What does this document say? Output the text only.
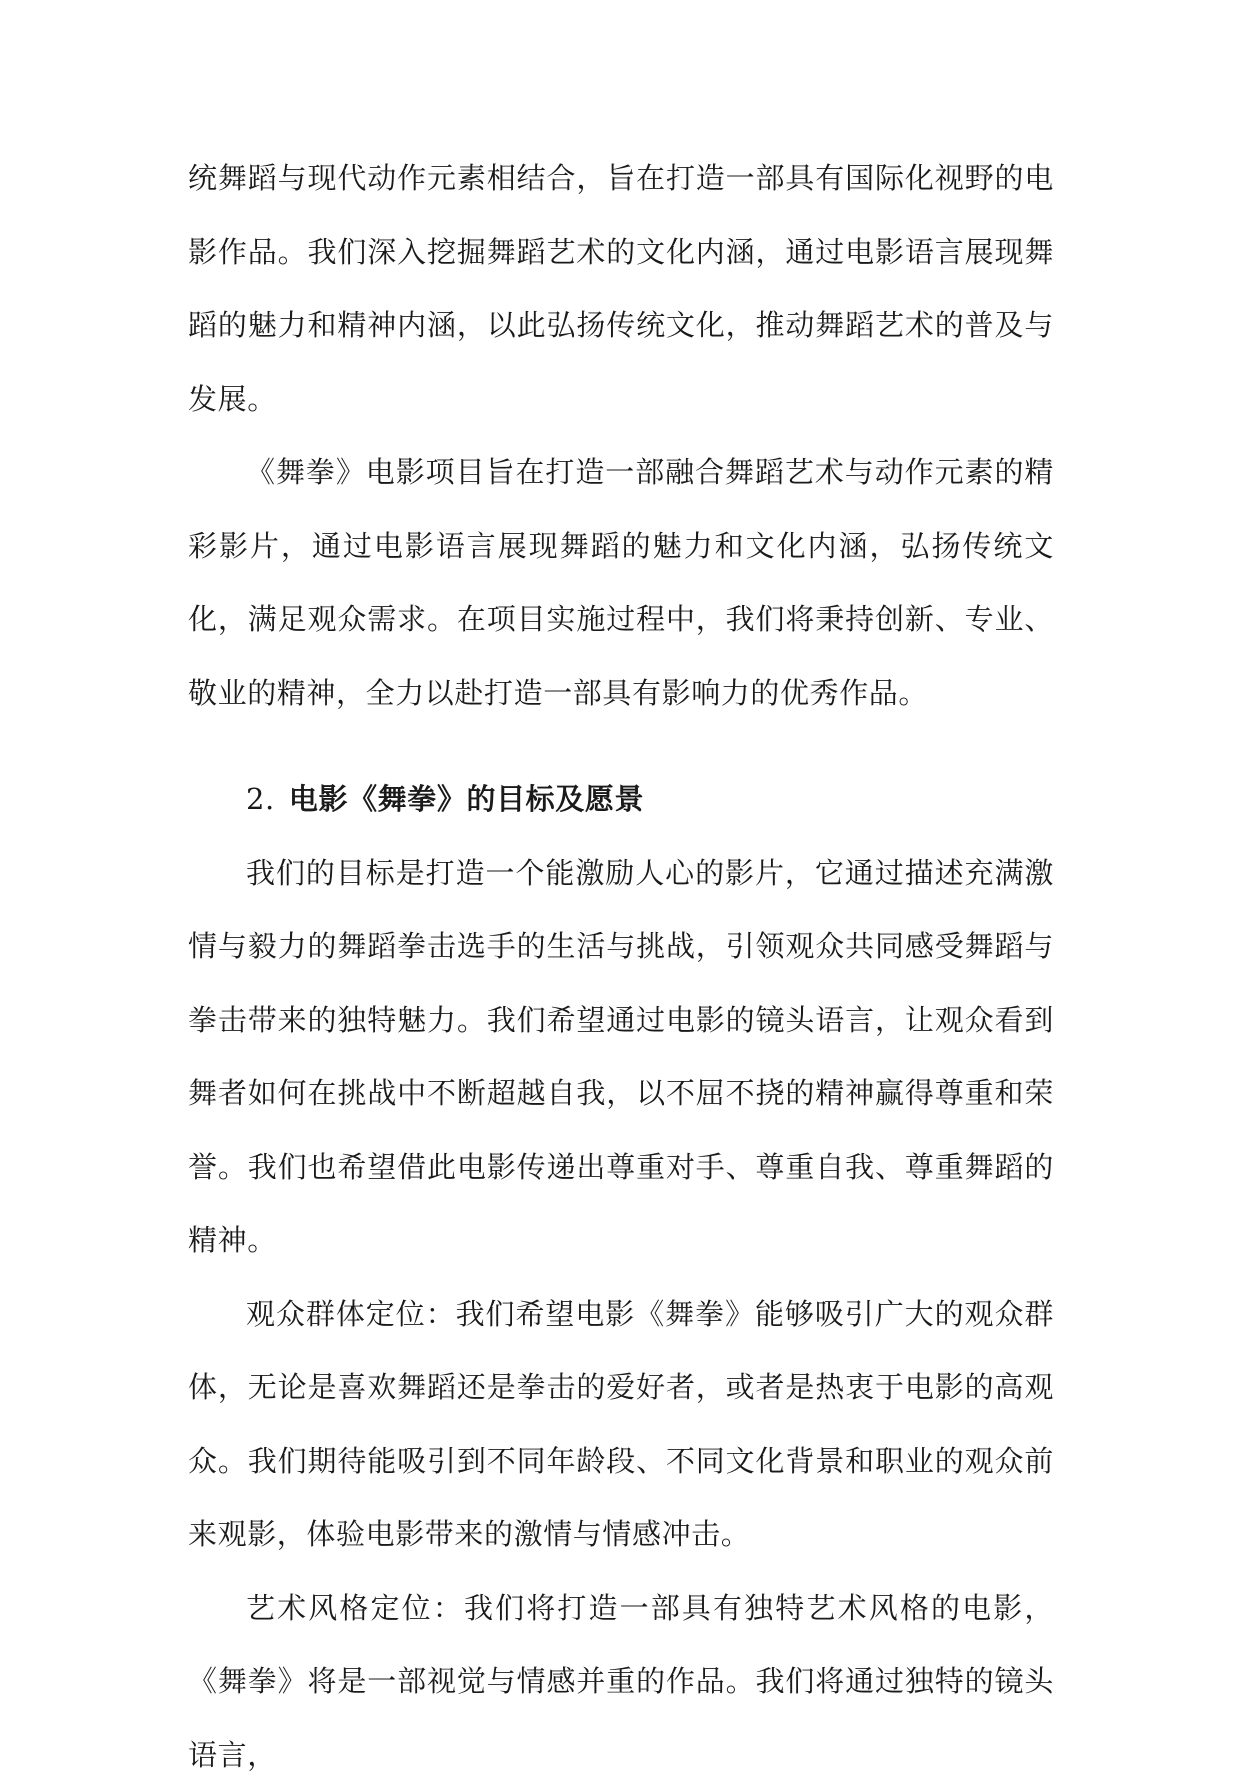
统舞蹈与现代动作元素相结合，旨在打造一部具有国际化视野的电影作品。我们深入挖掘舞蹈艺术的文化内涵，通过电影语言展现舞蹈的魅力和精神内涵，以此弘扬传统文化，推动舞蹈艺术的普及与发展。

《舞拳》电影项目旨在打造一部融合舞蹈艺术与动作元素的精彩影片，通过电影语言展现舞蹈的魅力和文化内涵，弘扬传统文化，满足观众需求。在项目实施过程中，我们将秉持创新、专业、敬业的精神，全力以赴打造一部具有影响力的优秀作品。

2. 电影《舞拳》的目标及愿景

我们的目标是打造一个能激励人心的影片，它通过描述充满激情与毅力的舞蹈拳击选手的生活与挑战，引领观众共同感受舞蹈与拳击带来的独特魅力。我们希望通过电影的镜头语言，让观众看到舞者如何在挑战中不断超越自我，以不屈不挠的精神赢得尊重和荣誉。我们也希望借此电影传递出尊重对手、尊重自我、尊重舞蹈的精神。

观众群体定位：我们希望电影《舞拳》能够吸引广大的观众群体，无论是喜欢舞蹈还是拳击的爱好者，或者是热衷于电影的高观众。我们期待能吸引到不同年龄段、不同文化背景和职业的观众前来观影，体验电影带来的激情与情感冲击。

艺术风格定位：我们将打造一部具有独特艺术风格的电影，《舞拳》将是一部视觉与情感并重的作品。我们将通过独特的镜头语言，
